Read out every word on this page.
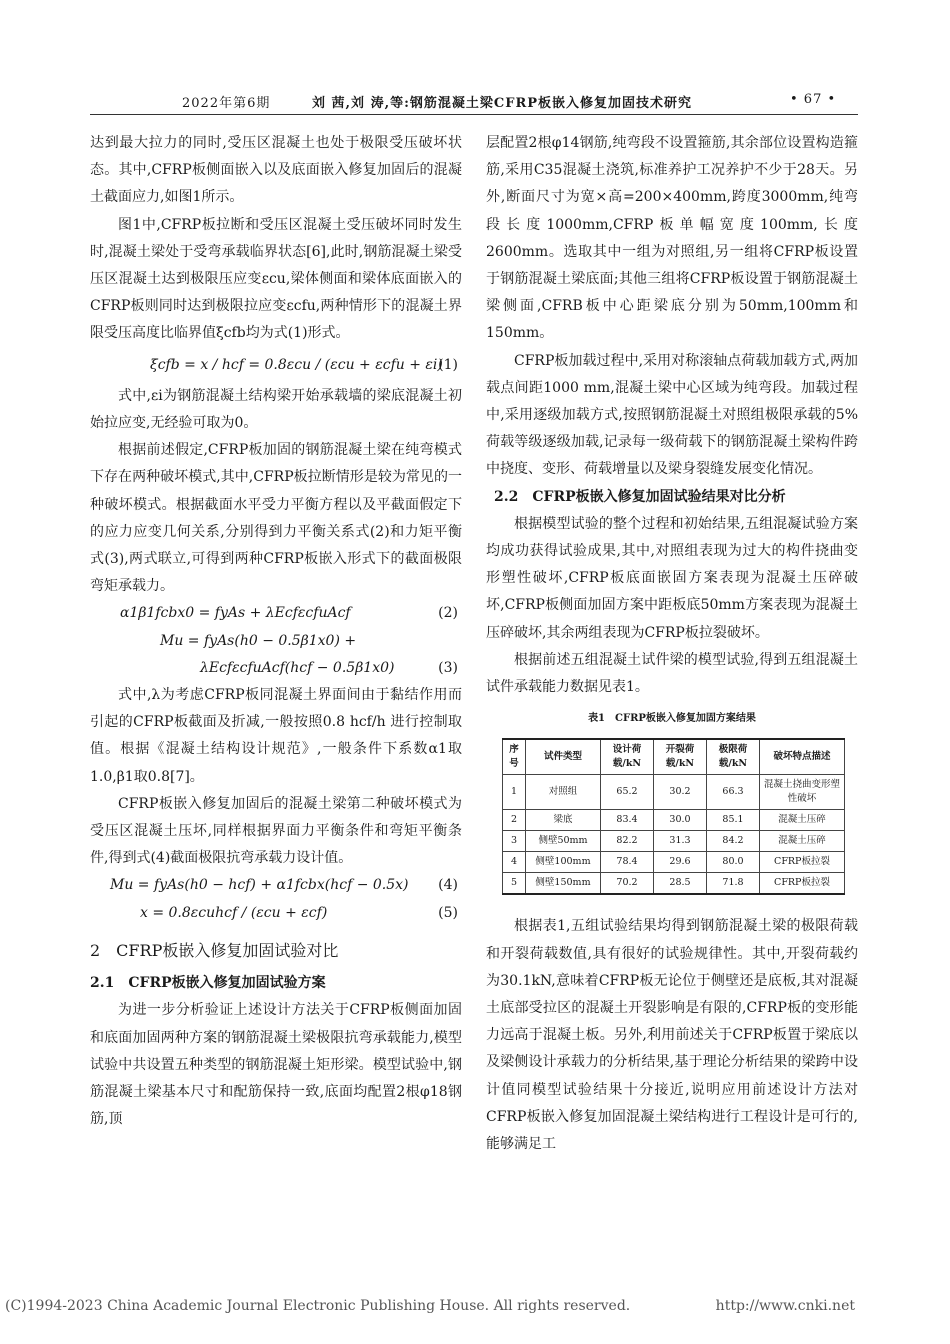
2022年第6期	刘 茜,刘 涛,等:钢筋混凝土梁CFRP板嵌入修复加固技术研究	• 67 •

达到最大拉力的同时,受压区混凝土也处于极限受压破坏状态。其中,CFRP板侧面嵌入以及底面嵌入修复加固后的混凝土截面应力,如图1所示。

图1中,CFRP板拉断和受压区混凝土受压破坏同时发生时,混凝土梁处于受弯承载临界状态[6],此时,钢筋混凝土梁受压区混凝土达到极限压应变εcu,梁体侧面和梁体底面嵌入的CFRP板则同时达到极限拉应变εcfu,两种情形下的混凝土界限受压高度比临界值ξcfb均为式(1)形式。

ξcfb = x / hcf = 0.8εcu / (εcu + εcfu + εi)
(1)

式中,εi为钢筋混凝土结构梁开始承载墙的梁底混凝土初始拉应变,无经验可取为0。

根据前述假定,CFRP板加固的钢筋混凝土梁在纯弯模式下存在两种破坏模式,其中,CFRP板拉断情形是较为常见的一种破坏模式。根据截面水平受力平衡方程以及平截面假定下的应力应变几何关系,分别得到力平衡关系式(2)和力矩平衡式(3),两式联立,可得到两种CFRP板嵌入形式下的截面极限弯矩承载力。

α1β1fcbx0 = fyAs + λEcfεcfuAcf	(2)
Mu = fyAs(h0 − 0.5β1x0) +
λEcfεcfuAcf(hcf − 0.5β1x0)	(3)

式中,λ为考虑CFRP板同混凝土界面间由于黏结作用而引起的CFRP板截面及折减,一般按照0.8 hcf/h 进行控制取值。根据《混凝土结构设计规范》,一般条件下系数α1取1.0,β1取0.8[7]。

CFRP板嵌入修复加固后的混凝土梁第二种破坏模式为受压区混凝土压坏,同样根据界面力平衡条件和弯矩平衡条件,得到式(4)截面极限抗弯承载力设计值。

Mu = fyAs(h0 − hcf) + α1fcbx(hcf − 0.5x) (4)
x = 0.8εcuhcf / (εcu + εcf)	(5)
2　CFRP板嵌入修复加固试验对比
2.1　CFRP板嵌入修复加固试验方案

为进一步分析验证上述设计方法关于CFRP板侧面加固和底面加固两种方案的钢筋混凝土梁极限抗弯承载能力,模型试验中共设置五种类型的钢筋混凝土矩形梁。模型试验中,钢筋混凝土梁基本尺寸和配筋保持一致,底面均配置2根φ18钢筋,顶

层配置2根φ14钢筋,纯弯段不设置箍筋,其余部位设置构造箍筋,采用C35混凝土浇筑,标准养护工况养护不少于28天。另外,断面尺寸为宽×高=200×400mm,跨度3000mm,纯弯段长度1000mm,CFRP板单幅宽度100mm,长度2600mm。选取其中一组为对照组,另一组将CFRP板设置于钢筋混凝土梁底面;其他三组将CFRP板设置于钢筋混凝土梁侧面,CFRB板中心距梁底分别为50mm,100mm和150mm。

CFRP板加载过程中,采用对称滚轴点荷载加载方式,两加载点间距1000 mm,混凝土梁中心区域为纯弯段。加载过程中,采用逐级加载方式,按照钢筋混凝土对照组极限承载的5%荷载等级逐级加载,记录每一级荷载下的钢筋混凝土梁构件跨中挠度、变形、荷载增量以及梁身裂缝发展变化情况。

2.2　CFRP板嵌入修复加固试验结果对比分析

根据模型试验的整个过程和初始结果,五组混凝试验方案均成功获得试验成果,其中,对照组表现为过大的构件挠曲变形塑性破坏,CFRP板底面嵌固方案表现为混凝土压碎破坏,CFRP板侧面加固方案中距板底50mm方案表现为混凝土压碎破坏,其余两组表现为CFRP板拉裂破坏。

根据前述五组混凝土试件梁的模型试验,得到五组混凝土试件承载能力数据见表1。

表1　CFRP板嵌入修复加固方案结果
序号	试件类型	设计荷载/kN	开裂荷载/kN	极限荷载/kN	破坏特点描述
1	对照组	65.2	30.2	66.3	混凝土挠曲变形塑性破坏
2	梁底	83.4	30.0	85.1	混凝土压碎
3	侧壁50mm	82.2	31.3	84.2	混凝土压碎
4	侧壁100mm	78.4	29.6	80.0	CFRP板拉裂
5	侧壁150mm	70.2	28.5	71.8	CFRP板拉裂

根据表1,五组试验结果均得到钢筋混凝土梁的极限荷载和开裂荷载数值,具有很好的试验规律性。其中,开裂荷载约为30.1kN,意味着CFRP板无论位于侧壁还是底板,其对混凝土底部受拉区的混凝土开裂影响是有限的,CFRP板的变形能力远高于混凝土板。另外,利用前述关于CFRP板置于梁底以及梁侧设计承载力的分析结果,基于理论分析结果的梁跨中设计值同模型试验结果十分接近,说明应用前述设计方法对CFRP板嵌入修复加固混凝土梁结构进行工程设计是可行的,能够满足工

(C)1994-2023 China Academic Journal Electronic Publishing House. All rights reserved.	http://www.cnki.net
